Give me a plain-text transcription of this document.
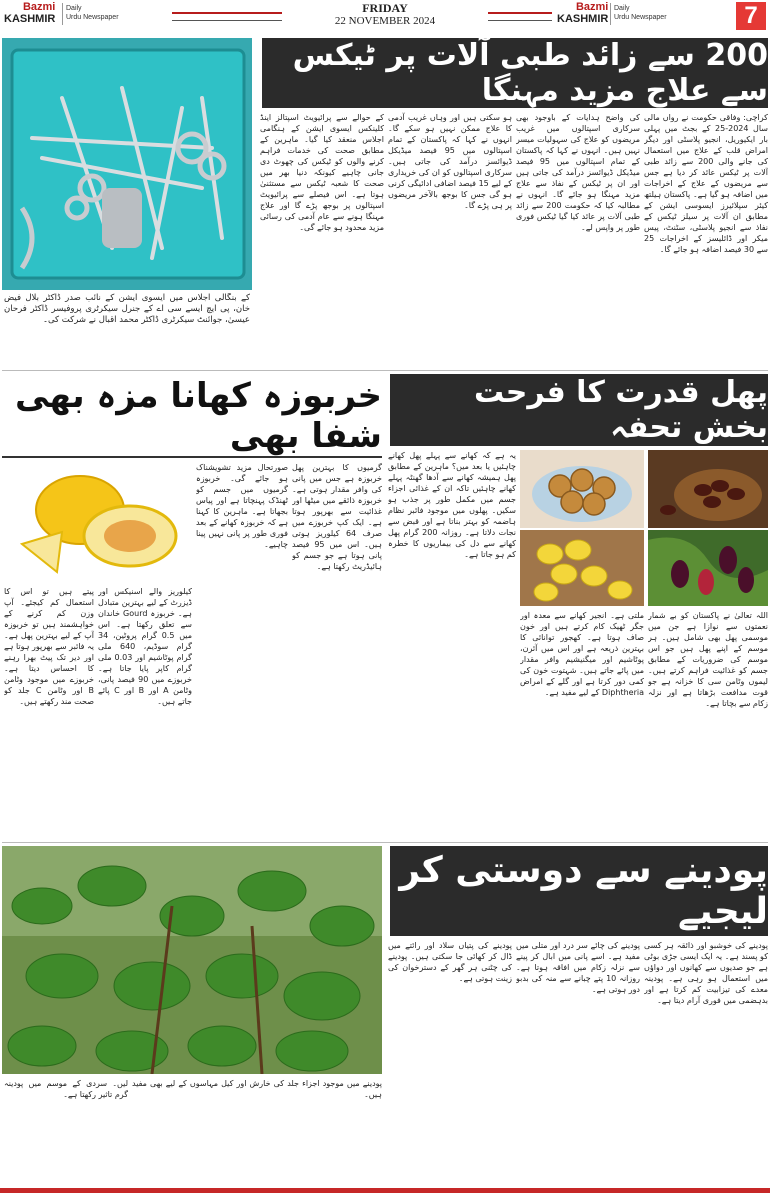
Bazmi
KASHMIR
Daily
Urdu Newspaper
FRIDAY
22 NOVEMBER 2024
Bazmi
KASHMIR
Daily
Urdu Newspaper	7
کے بنگالی اجلاس میں ایسوی ایشن کے نائب صدر ڈاکٹر بلال فیض خان، پی ایچ ایسے سی اے کے جنرل سیکرٹری پروفیسر ڈاکٹر فرحان عیسیٰ، جوائنٹ سیکرٹری ڈاکٹر محمد اقبال نے شرکت کی۔
200 سے زائد طبی آلات پر ٹیکس سے علاج مزید مہنگا
کے حوالے سے پرائیویٹ اسپتالز اینڈ کلینکس ایسوی ایشن کے ہنگامی اجلاس منعقد کیا گیا۔ ماہرین کے مطابق صحت کی خدمات فراہم کرنے والوں کو ٹیکس کی چھوٹ دی جانی چاہیے کیونکہ دنیا بھر میں صحت کا شعبہ ٹیکس سے مستثنیٰ ہوتا ہے۔ اس فیصلے سے پرائیویٹ اسپتالوں پر بوجھ پڑے گا اور علاج مہنگا ہونے سے عام آدمی کی رسائی مزید محدود ہو جائے گی۔
ہو سکتی ہیں اور وہاں غریب آدمی کا علاج ممکن نہیں ہو سکے گا۔ انہوں نے کہا کہ پاکستان کے تمام اسپتالوں میں 95 فیصد میڈیکل ڈیوائسز درآمد کی جاتی ہیں۔ سرکاری اسپتالوں کو ان کی خریداری کے لیے 15 فیصد اضافی ادائیگی کرنی ہو گی جس کا بوجھ بالآخر مریضوں پر ہی پڑے گا۔
کی واضح ہدایات کے باوجود بھی سرکاری اسپتالوں میں غریب مریضوں کو علاج کی سہولیات میسر نہیں ہیں۔ انہوں نے کہا کہ پاکستان کے تمام اسپتالوں میں 95 فیصد میڈیکل ڈیوائسز درآمد کی جاتی ہیں اور ان پر ٹیکس کے نفاذ سے علاج مزید مہنگا ہو جائے گا۔ انہوں نے مطالبہ کیا کہ حکومت 200 سے زائد طبی آلات پر عائد کیا گیا ٹیکس فوری طور پر واپس لے۔
کراچی: وفاقی حکومت نے رواں مالی سال 2024-25 کے بجٹ میں پہلی بار ایکیوریل، انجیو پلاسٹی اور دیگر امراض قلب کے علاج میں استعمال کی جانے والی 200 سے زائد طبی آلات پر ٹیکس عائد کر دیا ہے جس سے مریضوں کے علاج کے اخراجات میں اضافہ ہو گیا ہے۔ پاکستان ہیلتھ کیئر سپلائیرز ایسوسی ایشن کے مطابق ان آلات پر سیلز ٹیکس کے نفاذ سے انجیو پلاسٹی، سٹنٹ، پیس میکر اور ڈائلیسز کے اخراجات 25 سے 30 فیصد اضافہ ہو جائے گا۔
خربوزہ کھانا مزہ بھی شفا بھی
صورتحال مزید تشویشناک ہو جائے گی۔ خربوزہ گرمیوں میں جسم کو ٹھنڈک پہنچاتا ہے اور پیاس بجھاتا ہے۔ ماہرین کا کہنا ہے کہ خربوزہ کھانے کے بعد فوری طور پر پانی نہیں پینا چاہیے۔
گرمیوں کا بہترین پھل خربوزہ ہے جس میں پانی کی وافر مقدار ہوتی ہے۔ خربوزہ ذائقے میں میٹھا اور غذائیت سے بھرپور ہوتا ہے۔ ایک کپ خربوزے میں صرف 64 کیلوریز ہوتی ہیں۔ اس میں 95 فیصد پانی ہوتا ہے جو جسم کو ہائیڈریٹ رکھتا ہے۔
پیتے ہیں تو اس کا استعمال کم کیجئے۔ آپ وزن کم کرنے کے خواہشمند ہیں تو خربوزہ آپ کے لیے بہترین پھل ہے۔ یہ فائبر سے بھرپور ہوتا ہے اور دیر تک پیٹ بھرا رہنے کا احساس دیتا ہے۔ خربوزے میں موجود وٹامن B اور وٹامن C جلد کو صحت مند رکھتے ہیں۔
کیلوریز والے اسنیکس اور ڈیزرٹ کے لیے بہترین متبادل ہے۔ خربوزہ Gourd خاندان سے تعلق رکھتا ہے۔ اس میں 0.5 گرام پروٹین، 34 گرام سوڈیم، 640 ملی گرام پوٹاشیم اور 0.03 ملی گرام کاپر پایا جاتا ہے۔ خربوزے میں 90 فیصد پانی، وٹامن A اور B اور C پائے جاتے ہیں۔
پھل قدرت کا فرحت بخش تحفہ
یہ ہے کہ کھانے سے پہلے پھل کھانے چاہئیں یا بعد میں؟ ماہرین کے مطابق پھل ہمیشہ کھانے سے آدھا گھنٹہ پہلے کھانے چاہئیں تاکہ ان کے غذائی اجزاء جسم میں مکمل طور پر جذب ہو سکیں۔ پھلوں میں موجود فائبر نظام ہاضمہ کو بہتر بناتا ہے اور قبض سے نجات دلاتا ہے۔ روزانہ 200 گرام پھل کھانے سے دل کی بیماریوں کا خطرہ کم ہو جاتا ہے۔
ملتی ہے۔ انجیر کھانے سے معدہ اور جگر ٹھیک کام کرتے ہیں اور خون صاف ہوتا ہے۔ کھجور توانائی کا بہترین ذریعہ ہے اور اس میں آئرن، پوٹاشیم اور میگنیشیم وافر مقدار میں پائے جاتے ہیں۔ شہتوت خون کی کمی دور کرتا ہے اور گلے کے امراض Diphtheria کے لیے مفید ہے۔
اللہ تعالیٰ نے پاکستان کو بے شمار نعمتوں سے نوازا ہے جن میں موسمی پھل بھی شامل ہیں۔ ہر موسم کے اپنے پھل ہیں جو اس موسم کی ضروریات کے مطابق جسم کو غذائیت فراہم کرتے ہیں۔ لیموں وٹامن سی کا خزانہ ہے جو قوت مدافعت بڑھاتا ہے اور نزلہ زکام سے بچاتا ہے۔
پودینے سے دوستی کر لیجیے
پودینے کی پتیاں سلاد اور رائتے میں ڈال کر کھائی جا سکتی ہیں۔ پودینے کی چٹنی ہر گھر کے دسترخوان کی زینت ہوتی ہے۔
پودینے کی چائے سر درد اور متلی میں مفید ہے۔ اسے پانی میں ابال کر پینے سے نزلہ زکام میں افاقہ ہوتا ہے۔ روزانہ 10 پتے چبانے سے منہ کی بدبو دور ہوتی ہے۔
پودینے کی خوشبو اور ذائقہ ہر کسی کو پسند ہے۔ یہ ایک ایسی جڑی بوٹی ہے جو صدیوں سے کھانوں اور دواؤں میں استعمال ہو رہی ہے۔ پودینہ معدے کی تیزابیت کم کرتا ہے اور بدہضمی میں فوری آرام دیتا ہے۔
لیں۔ سردی کے موسم میں پودینہ گرم تاثیر رکھتا ہے۔
پودینے میں موجود اجزاء جلد کی خارش اور کیل مہاسوں کے لیے بھی مفید ہیں۔
